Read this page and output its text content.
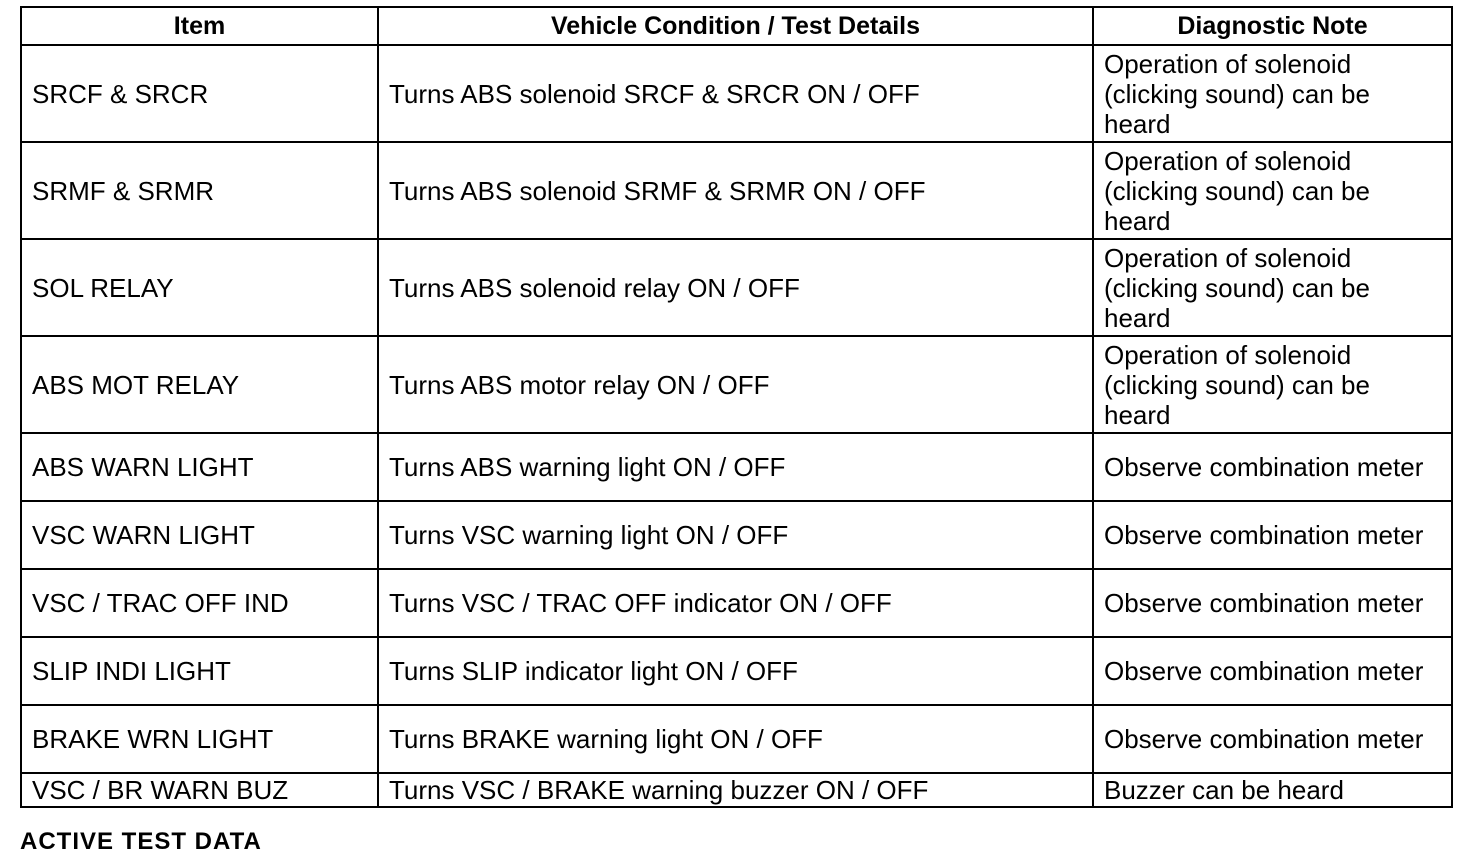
Item	Vehicle Condition / Test Details	Diagnostic Note
SRCF & SRCR	Turns ABS solenoid SRCF & SRCR ON / OFF	Operation of solenoid (clicking sound) can be heard
SRMF & SRMR	Turns ABS solenoid SRMF & SRMR ON / OFF	Operation of solenoid (clicking sound) can be heard
SOL RELAY	Turns ABS solenoid relay ON / OFF	Operation of solenoid (clicking sound) can be heard
ABS MOT RELAY	Turns ABS motor relay ON / OFF	Operation of solenoid (clicking sound) can be heard
ABS WARN LIGHT	Turns ABS warning light ON / OFF	Observe combination meter
VSC WARN LIGHT	Turns VSC warning light ON / OFF	Observe combination meter
VSC / TRAC OFF IND	Turns VSC / TRAC OFF indicator ON / OFF	Observe combination meter
SLIP INDI LIGHT	Turns SLIP indicator light ON / OFF	Observe combination meter
BRAKE WRN LIGHT	Turns BRAKE warning light ON / OFF	Observe combination meter
VSC / BR WARN BUZ	Turns VSC / BRAKE warning buzzer ON / OFF	Buzzer can be heard
ACTIVE TEST DATA
